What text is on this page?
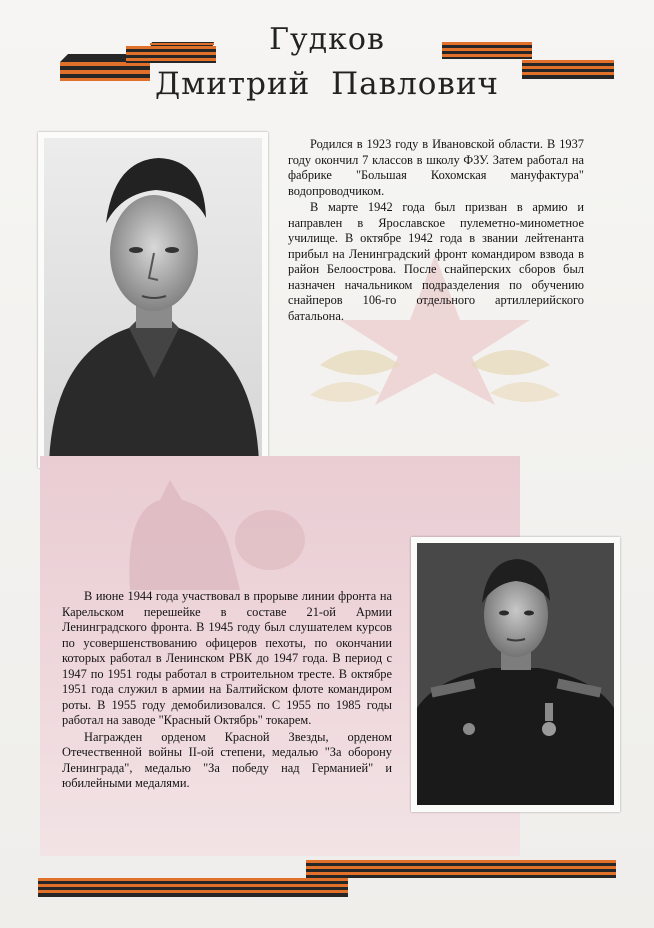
Гудков
Дмитрий Павлович

Родился в 1923 году в Ивановской области. В 1937 году окончил 7 классов в школу ФЗУ. Затем работал на фабрике "Большая Кохомская мануфактура" водопроводчиком.

В марте 1942 года был призван в армию и направлен в Ярославское пулеметно-минометное училище. В октябре 1942 года в звании лейтенанта прибыл на Ленинградский фронт командиром взвода в район Белоострова. После снайперских сборов был назначен начальником подразделения по обучению снайперов 106-го отдельного артиллерийского батальона.

В июне 1944 года участвовал в прорыве линии фронта на Карельском перешейке в составе 21-ой Армии Ленинградского фронта. В 1945 году был слушателем курсов по усовершенствованию офицеров пехоты, по окончании которых работал в Ленинском РВК до 1947 года. В период с 1947 по 1951 годы работал в строительном тресте. В октябре 1951 года служил в армии на Балтийском флоте командиром роты. В 1955 году демобилизовался. С 1955 по 1985 годы работал на заводе "Красный Октябрь" токарем.

Награжден орденом Красной Звезды, орденом Отечественной войны II-ой степени, медалью "За оборону Ленинграда", медалью "За победу над Германией" и юбилейными медалями.
